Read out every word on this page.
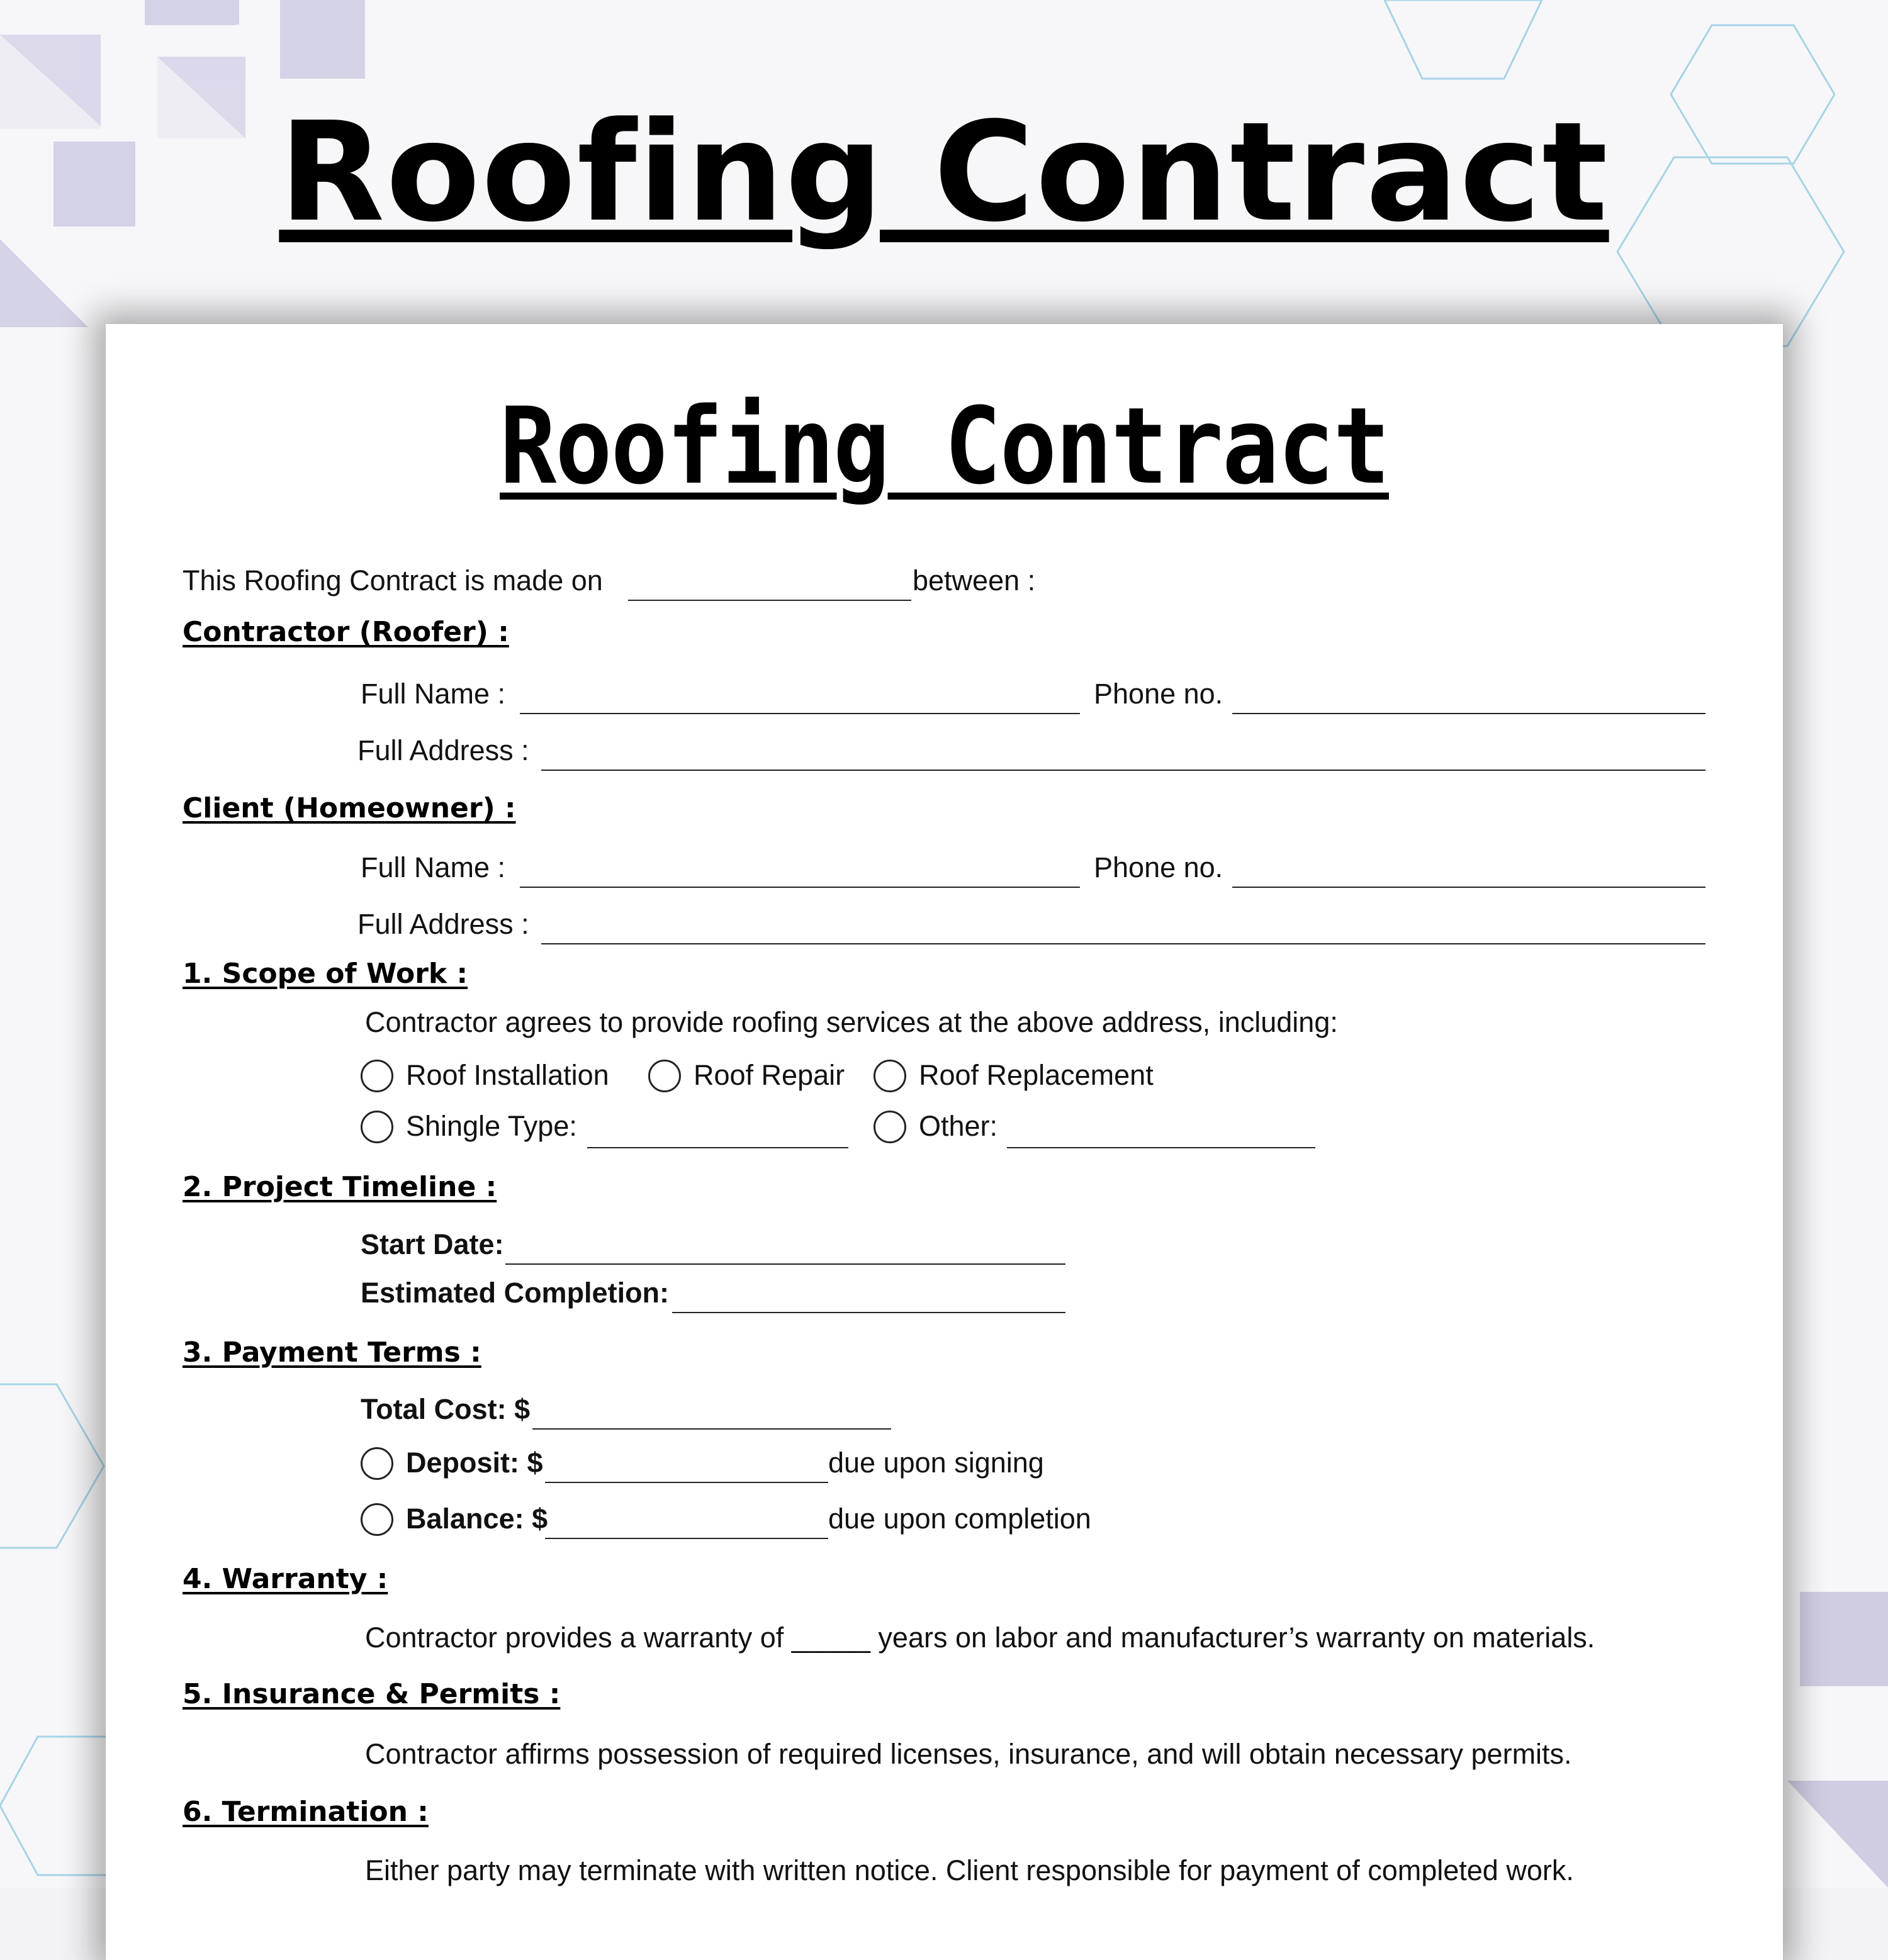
Roofing Contract
Roofing Contract
This Roofing Contract is made on	between :
Contractor (Roofer) :
Full Name :	Phone no.
Full Address :
Client (Homeowner) :
Full Name :	Phone no.
Full Address :
1. Scope of Work :
Contractor agrees to provide roofing services at the above address, including:
Roof Installation	Roof Repair	Roof Replacement
Shingle Type:	Other:
2. Project Timeline :
Start Date:
Estimated Completion:
3. Payment Terms :
Total Cost: $
Deposit: $	due upon signing
Balance: $	due upon completion
4. Warranty :
Contractor provides a warranty of _____ years on labor and manufacturer’s warranty on materials.
5. Insurance & Permits :
Contractor affirms possession of required licenses, insurance, and will obtain necessary permits.
6. Termination :
Either party may terminate with written notice. Client responsible for payment of completed work.
